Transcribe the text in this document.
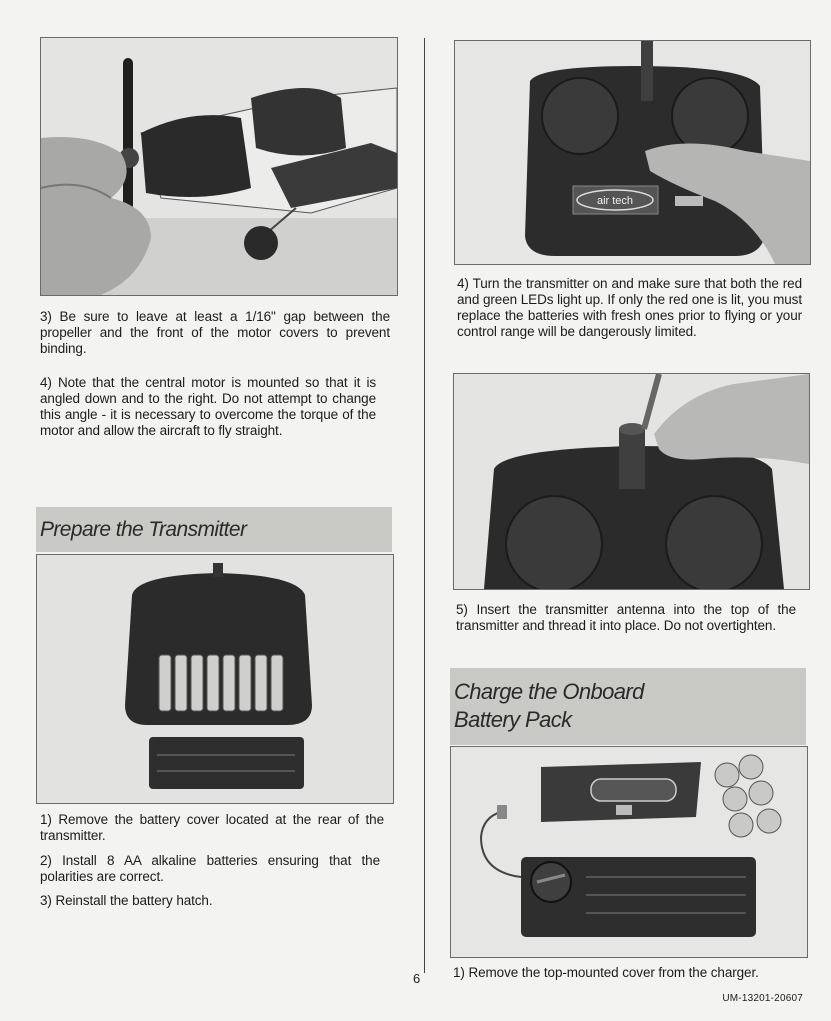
3) Be sure to leave at least a 1/16" gap between the propeller and the front of the motor covers to prevent binding.

4) Note that the central motor is mounted so that it is angled down and to the right. Do not attempt to change this angle - it is necessary to overcome the torque of the motor and allow the aircraft to fly straight.

Prepare the Transmitter

1) Remove the battery cover located at the rear of the transmitter.

2) Install 8 AA alkaline batteries ensuring that the polarities are correct.

3) Reinstall the battery hatch.

air tech

4) Turn the transmitter on and make sure that both the red and green LEDs light up. If only the red one is lit, you must replace the batteries with fresh ones prior to flying or your control range will be dangerously limited.

5) Insert the transmitter antenna into the top of the transmitter and thread it into place. Do not overtighten.

Charge the Onboard
Battery Pack

1) Remove the top-mounted cover from the charger.

6
UM-13201-20607
